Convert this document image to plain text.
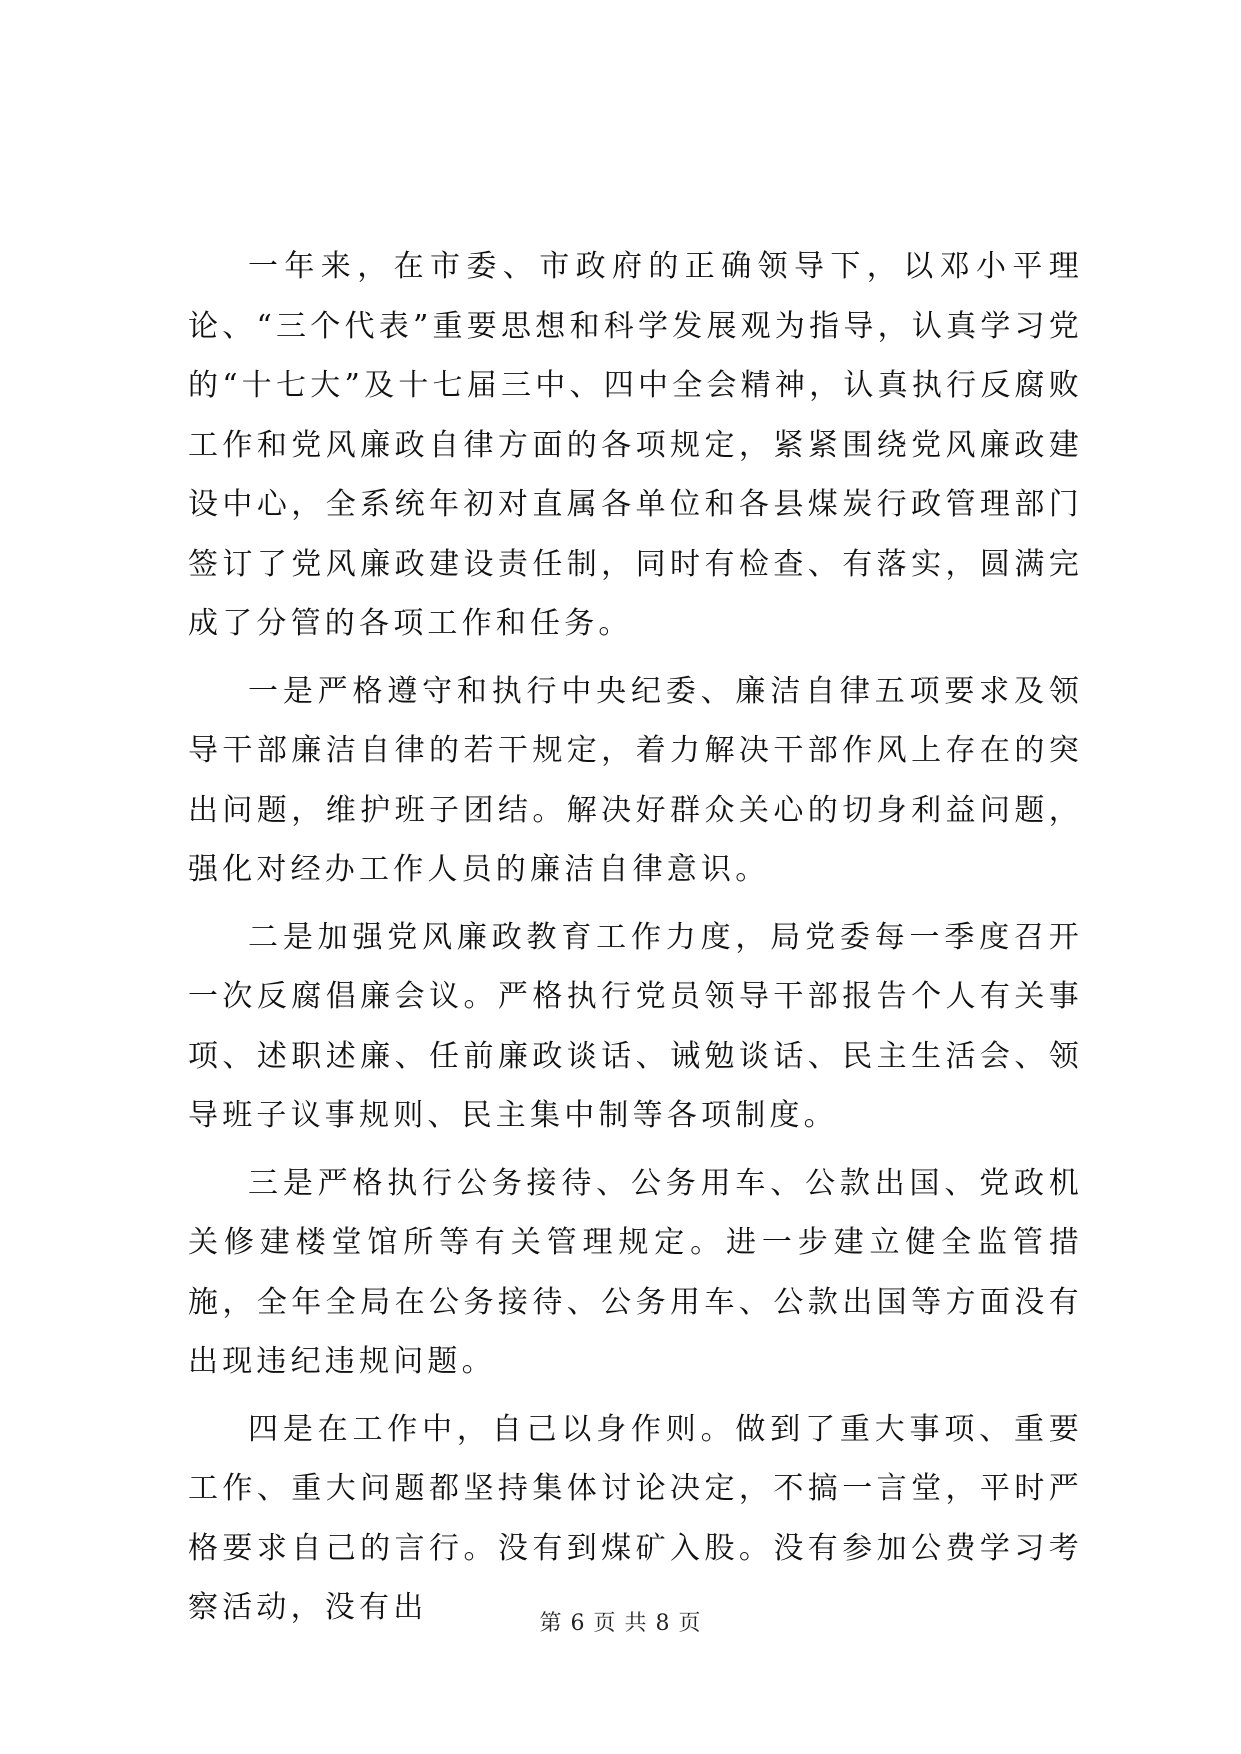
一年来，在市委、市政府的正确领导下，以邓小平理论、“三个代表”重要思想和科学发展观为指导，认真学习党的“十七大”及十七届三中、四中全会精神，认真执行反腐败工作和党风廉政自律方面的各项规定，紧紧围绕党风廉政建设中心，全系统年初对直属各单位和各县煤炭行政管理部门签订了党风廉政建设责任制，同时有检查、有落实，圆满完成了分管的各项工作和任务。

一是严格遵守和执行中央纪委、廉洁自律五项要求及领导干部廉洁自律的若干规定，着力解决干部作风上存在的突出问题，维护班子团结。解决好群众关心的切身利益问题，强化对经办工作人员的廉洁自律意识。

二是加强党风廉政教育工作力度，局党委每一季度召开一次反腐倡廉会议。严格执行党员领导干部报告个人有关事项、述职述廉、任前廉政谈话、诫勉谈话、民主生活会、领导班子议事规则、民主集中制等各项制度。

三是严格执行公务接待、公务用车、公款出国、党政机关修建楼堂馆所等有关管理规定。进一步建立健全监管措施，全年全局在公务接待、公务用车、公款出国等方面没有出现违纪违规问题。

四是在工作中，自己以身作则。做到了重大事项、重要工作、重大问题都坚持集体讨论决定，不搞一言堂，平时严格要求自己的言行。没有到煤矿入股。没有参加公费学习考察活动，没有出	第 6 页 共 8 页
